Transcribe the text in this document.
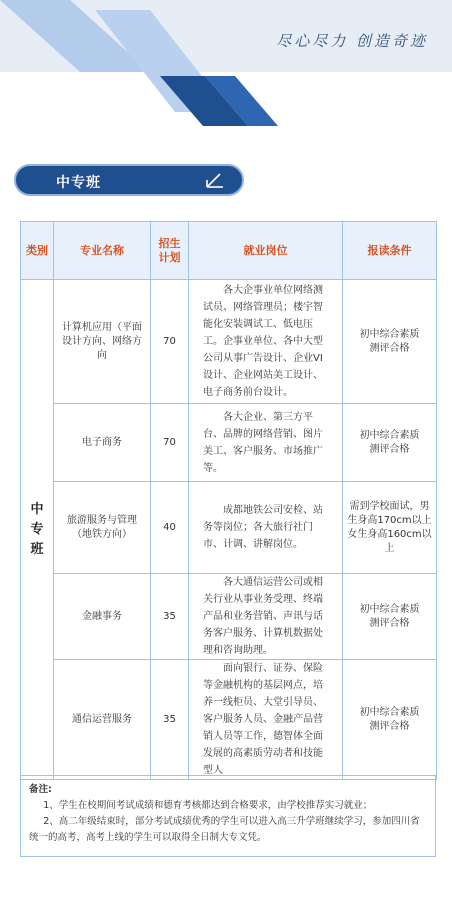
尽心尽力 创造奇迹
中专班
类别	专业名称	招生计划	就业岗位	报读条件
中专班	计算机应用（平面设计方向、网络方向	70	各大企事业单位网络测试员、网络管理员；楼宇智能化安装调试工、低电压工。企事业单位、各中大型公司从事广告设计、企业VI设计、企业网站美工设计、电子商务前台设计。	初中综合素质测评合格
	电子商务	70	各大企业、第三方平台、品牌的网络营销、图片美工、客户服务、市场推广等。	初中综合素质测评合格
	旅游服务与管理（地铁方向）	40	成都地铁公司安检、站务等岗位；各大旅行社门市、计调、讲解岗位。	需到学校面试，男生身高170cm以上女生身高160cm以上
	金融事务	35	各大通信运营公司或相关行业从事业务受理、终端产品和业务营销、声讯与话务客户服务、计算机数据处理和咨询助理。	初中综合素质测评合格
	通信运营服务	35	面向银行、证券、保险等金融机构的基层网点，培养一线柜员、大堂引导员、客户服务人员、金融产品营销人员等工作，德智体全面发展的高素质劳动者和技能型人	初中综合素质测评合格
备注:

1、学生在校期间考试成绩和德育考核都达到合格要求，由学校推荐实习就业；

2、高二年级结束时，部分考试成绩优秀的学生可以进入高三升学班继续学习，参加四川省统一的高考，高考上线的学生可以取得全日制大专文凭。
